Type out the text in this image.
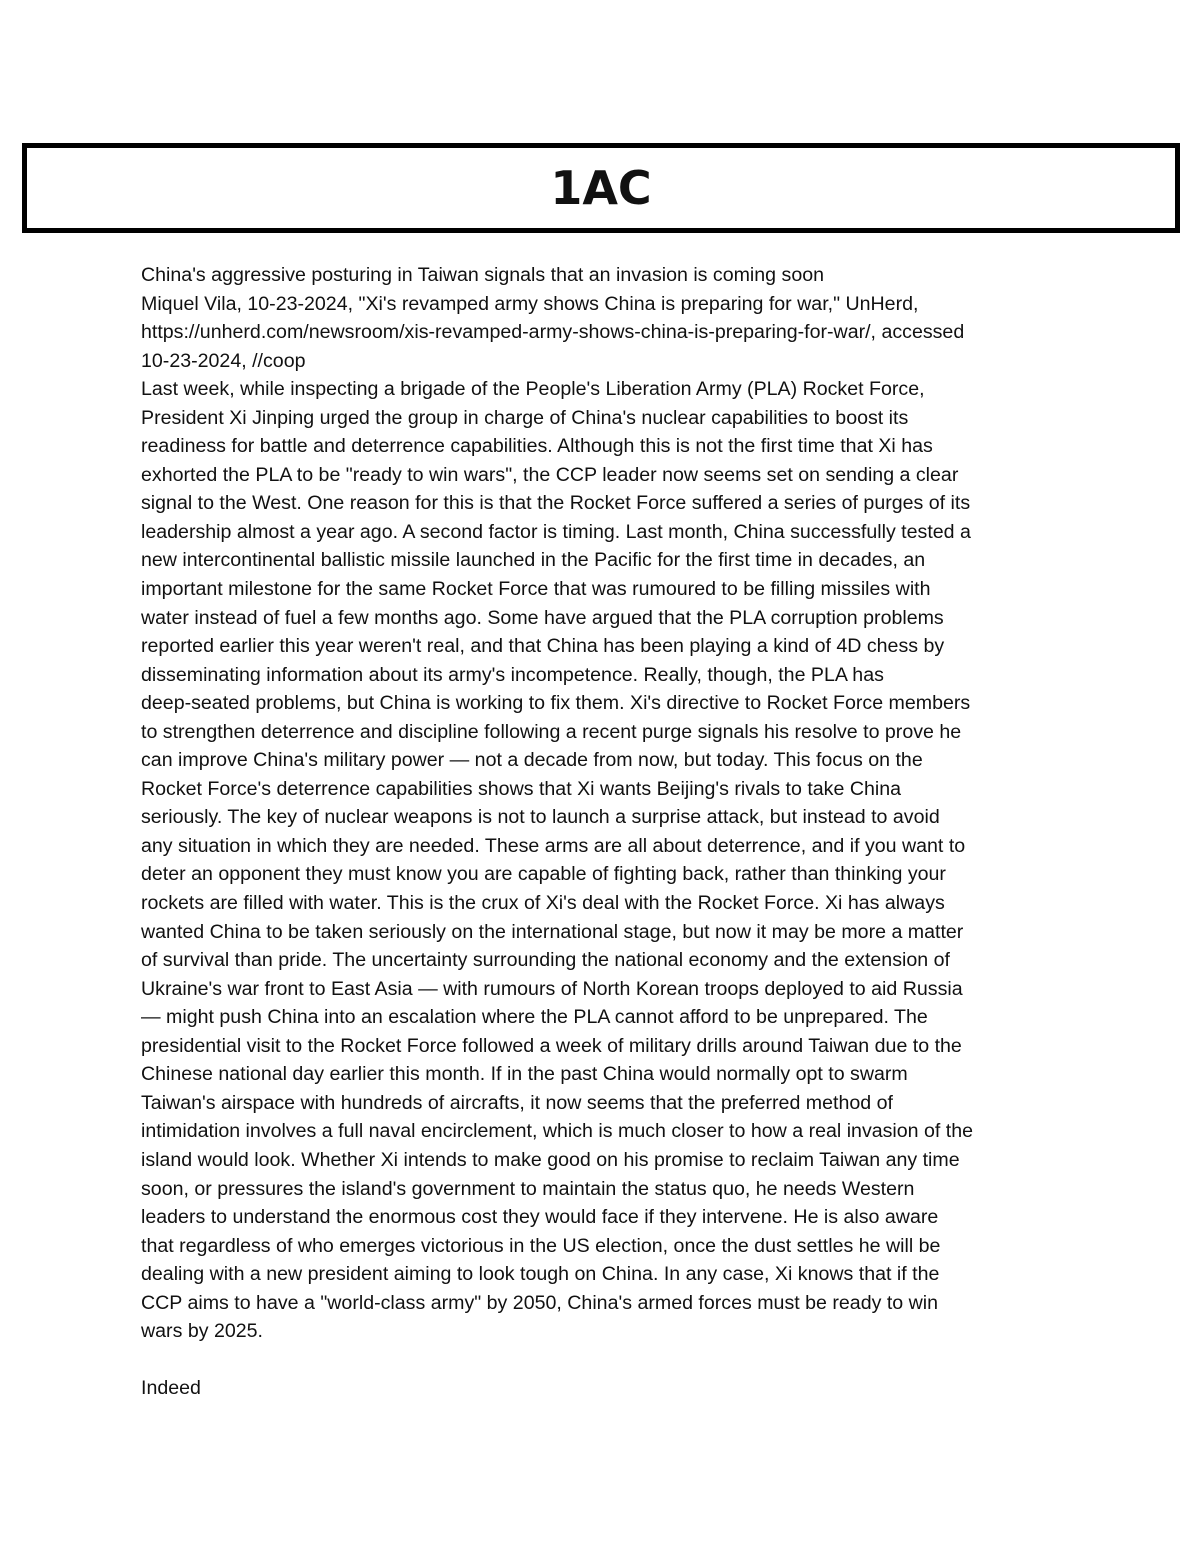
1AC
China's aggressive posturing in Taiwan signals that an invasion is coming soon
Miquel Vila, 10-23-2024, "Xi's revamped army shows China is preparing for war," UnHerd,
https://unherd.com/newsroom/xis-revamped-army-shows-china-is-preparing-for-war/, accessed
10-23-2024, //coop
Last week, while inspecting a brigade of the People's Liberation Army (PLA) Rocket Force,
President Xi Jinping urged the group in charge of China's nuclear capabilities to boost its
readiness for battle and deterrence capabilities. Although this is not the first time that Xi has
exhorted the PLA to be "ready to win wars", the CCP leader now seems set on sending a clear
signal to the West. One reason for this is that the Rocket Force suffered a series of purges of its
leadership almost a year ago. A second factor is timing. Last month, China successfully tested a
new intercontinental ballistic missile launched in the Pacific for the first time in decades, an
important milestone for the same Rocket Force that was rumoured to be filling missiles with
water instead of fuel a few months ago. Some have argued that the PLA corruption problems
reported earlier this year weren't real, and that China has been playing a kind of 4D chess by
disseminating information about its army's incompetence. Really, though, the PLA has
deep-seated problems, but China is working to fix them. Xi's directive to Rocket Force members
to strengthen deterrence and discipline following a recent purge signals his resolve to prove he
can improve China's military power — not a decade from now, but today. This focus on the
Rocket Force's deterrence capabilities shows that Xi wants Beijing's rivals to take China
seriously. The key of nuclear weapons is not to launch a surprise attack, but instead to avoid
any situation in which they are needed. These arms are all about deterrence, and if you want to
deter an opponent they must know you are capable of fighting back, rather than thinking your
rockets are filled with water. This is the crux of Xi's deal with the Rocket Force. Xi has always
wanted China to be taken seriously on the international stage, but now it may be more a matter
of survival than pride. The uncertainty surrounding the national economy and the extension of
Ukraine's war front to East Asia — with rumours of North Korean troops deployed to aid Russia
— might push China into an escalation where the PLA cannot afford to be unprepared. The
presidential visit to the Rocket Force followed a week of military drills around Taiwan due to the
Chinese national day earlier this month. If in the past China would normally opt to swarm
Taiwan's airspace with hundreds of aircrafts, it now seems that the preferred method of
intimidation involves a full naval encirclement, which is much closer to how a real invasion of the
island would look. Whether Xi intends to make good on his promise to reclaim Taiwan any time
soon, or pressures the island's government to maintain the status quo, he needs Western
leaders to understand the enormous cost they would face if they intervene. He is also aware
that regardless of who emerges victorious in the US election, once the dust settles he will be
dealing with a new president aiming to look tough on China. In any case, Xi knows that if the
CCP aims to have a "world-class army" by 2050, China's armed forces must be ready to win
wars by 2025.
Indeed
